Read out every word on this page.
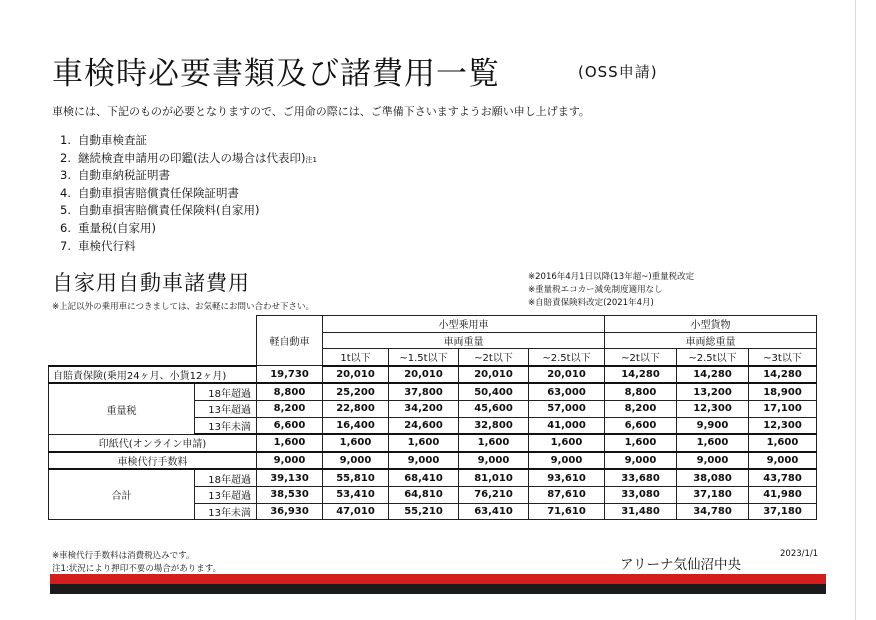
車検時必要書類及び諸費用一覧	(OSS申請)
車検には、下記のものが必要となりますので、ご用命の際には、ご準備下さいますようお願い申し上げます。
1. 自動車検査証
2. 継続検査申請用の印鑑(法人の場合は代表印)注1
3. 自動車納税証明書
4. 自動車損害賠償責任保険証明書
5. 自動車損害賠償責任保険料(自家用)
6. 重量税(自家用)
7. 車検代行料
自家用自動車諸費用
※上記以外の乗用車につきましては、お気軽にお問い合わせ下さい。
※2016年4月1日以降(13年超~)重量税改定
※重量税エコカー減免制度適用なし
※自賠責保険料改定(2021年4月)
		軽自動車	小型乗用車				小型貨物		
			車両重量				車両総重量		
			1t以下	~1.5t以下	~2t以下	~2.5t以下	~2t以下	~2.5t以下	~3t以下
自賠責保険(乗用24ヶ月、小貨12ヶ月)		19,730	20,010	20,010	20,010	20,010	14,280	14,280	14,280
重量税	18年超過	8,800	25,200	37,800	50,400	63,000	8,800	13,200	18,900
	13年超過	8,200	22,800	34,200	45,600	57,000	8,200	12,300	17,100
	13年未満	6,600	16,400	24,600	32,800	41,000	6,600	9,900	12,300
印紙代(オンライン申請)		1,600	1,600	1,600	1,600	1,600	1,600	1,600	1,600
車検代行手数料		9,000	9,000	9,000	9,000	9,000	9,000	9,000	9,000
合計	18年超過	39,130	55,810	68,410	81,010	93,610	33,680	38,080	43,780
	13年超過	38,530	53,410	64,810	76,210	87,610	33,080	37,180	41,980
	13年未満	36,930	47,010	55,210	63,410	71,610	31,480	34,780	37,180
※車検代行手数料は消費税込みです。
注1:状況により押印不要の場合があります。	アリーナ気仙沼中央
2023/1/1
